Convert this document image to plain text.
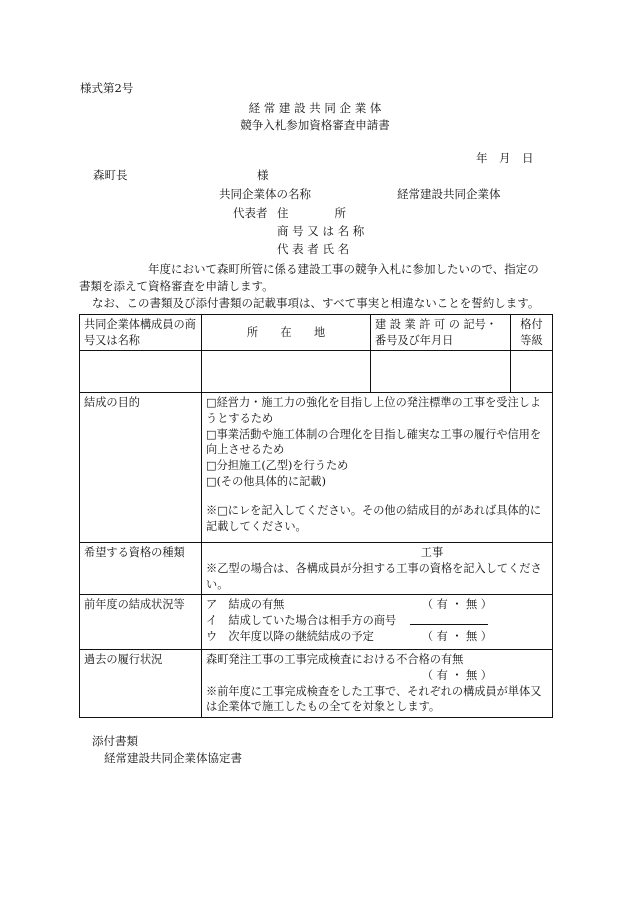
様式第2号
経 常 建 設 共 同 企 業 体
競争入札参加資格審査申請書
年　月　日
森町長	様
共同企業体の名称	経常建設共同企業体
代表者 住　　　　所
商 号 又 は 名 称
代 表 者 氏 名
年度において森町所管に係る建設工事の競争入札に参加したいので、指定の
書類を添えて資格審査を申請します。
なお、この書類及び添付書類の記載事項は、すべて事実と相違ないことを誓約します。
共同企業体構成員の商号又は名称	所　　在　　地	建 設 業 許 可 の 記号・番号及び年月日	格付等級

結成の目的	□経営力・施工力の強化を目指し上位の発注標準の工事を受注しようとするため
□事業活動や施工体制の合理化を目指し確実な工事の履行や信用を向上させるため
□分担施工(乙型)を行うため
□(その他具体的に記載)
※□にレを記入してください。その他の結成目的があれば具体的に記載してください。		

希望する資格の種類	工事
※乙型の場合は、各構成員が分担する工事の資格を記入してください。		

前年度の結成状況等	ア　結成の有無 （ 有 ・ 無 ）
イ　結成していた場合は相手方の商号
ウ　次年度以降の継続結成の予定 （ 有 ・ 無 ）		

過去の履行状況	森町発注工事の工事完成検査における不合格の有無
（ 有 ・ 無 ）
※前年度に工事完成検査をした工事で、それぞれの構成員が単体又は企業体で施工したもの全てを対象とします。		
添付書類
経常建設共同企業体協定書
